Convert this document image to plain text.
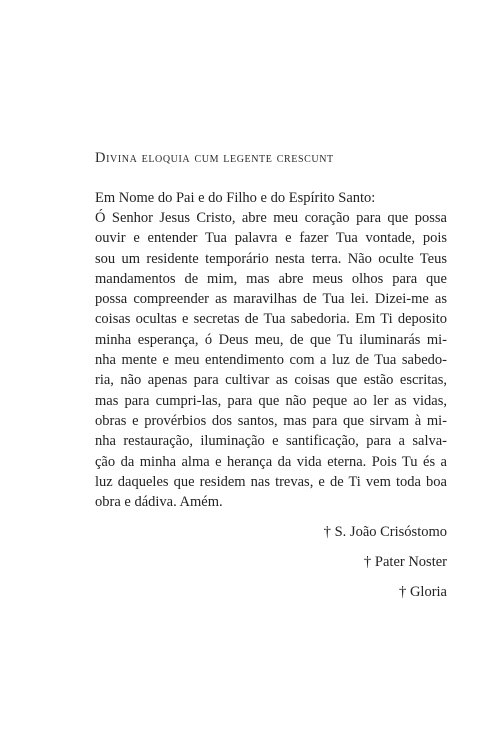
Divina eloquia cum legente crescunt
Em Nome do Pai e do Filho e do Espírito Santo:
Ó Senhor Jesus Cristo, abre meu coração para que possa
ouvir e entender Tua palavra e fazer Tua vontade, pois
sou um residente temporário nesta terra. Não oculte Teus
mandamentos de mim, mas abre meus olhos para que
possa compreender as maravilhas de Tua lei. Dizei-me as
coisas ocultas e secretas de Tua sabedoria. Em Ti deposito
minha esperança, ó Deus meu, de que Tu iluminarás mi-
nha mente e meu entendimento com a luz de Tua sabedo-
ria, não apenas para cultivar as coisas que estão escritas,
mas para cumpri-las, para que não peque ao ler as vidas,
obras e provérbios dos santos, mas para que sirvam à mi-
nha restauração, iluminação e santificação, para a salva-
ção da minha alma e herança da vida eterna. Pois Tu és a
luz daqueles que residem nas trevas, e de Ti vem toda boa
obra e dádiva. Amém.
† S. João Crisóstomo
† Pater Noster
† Gloria
